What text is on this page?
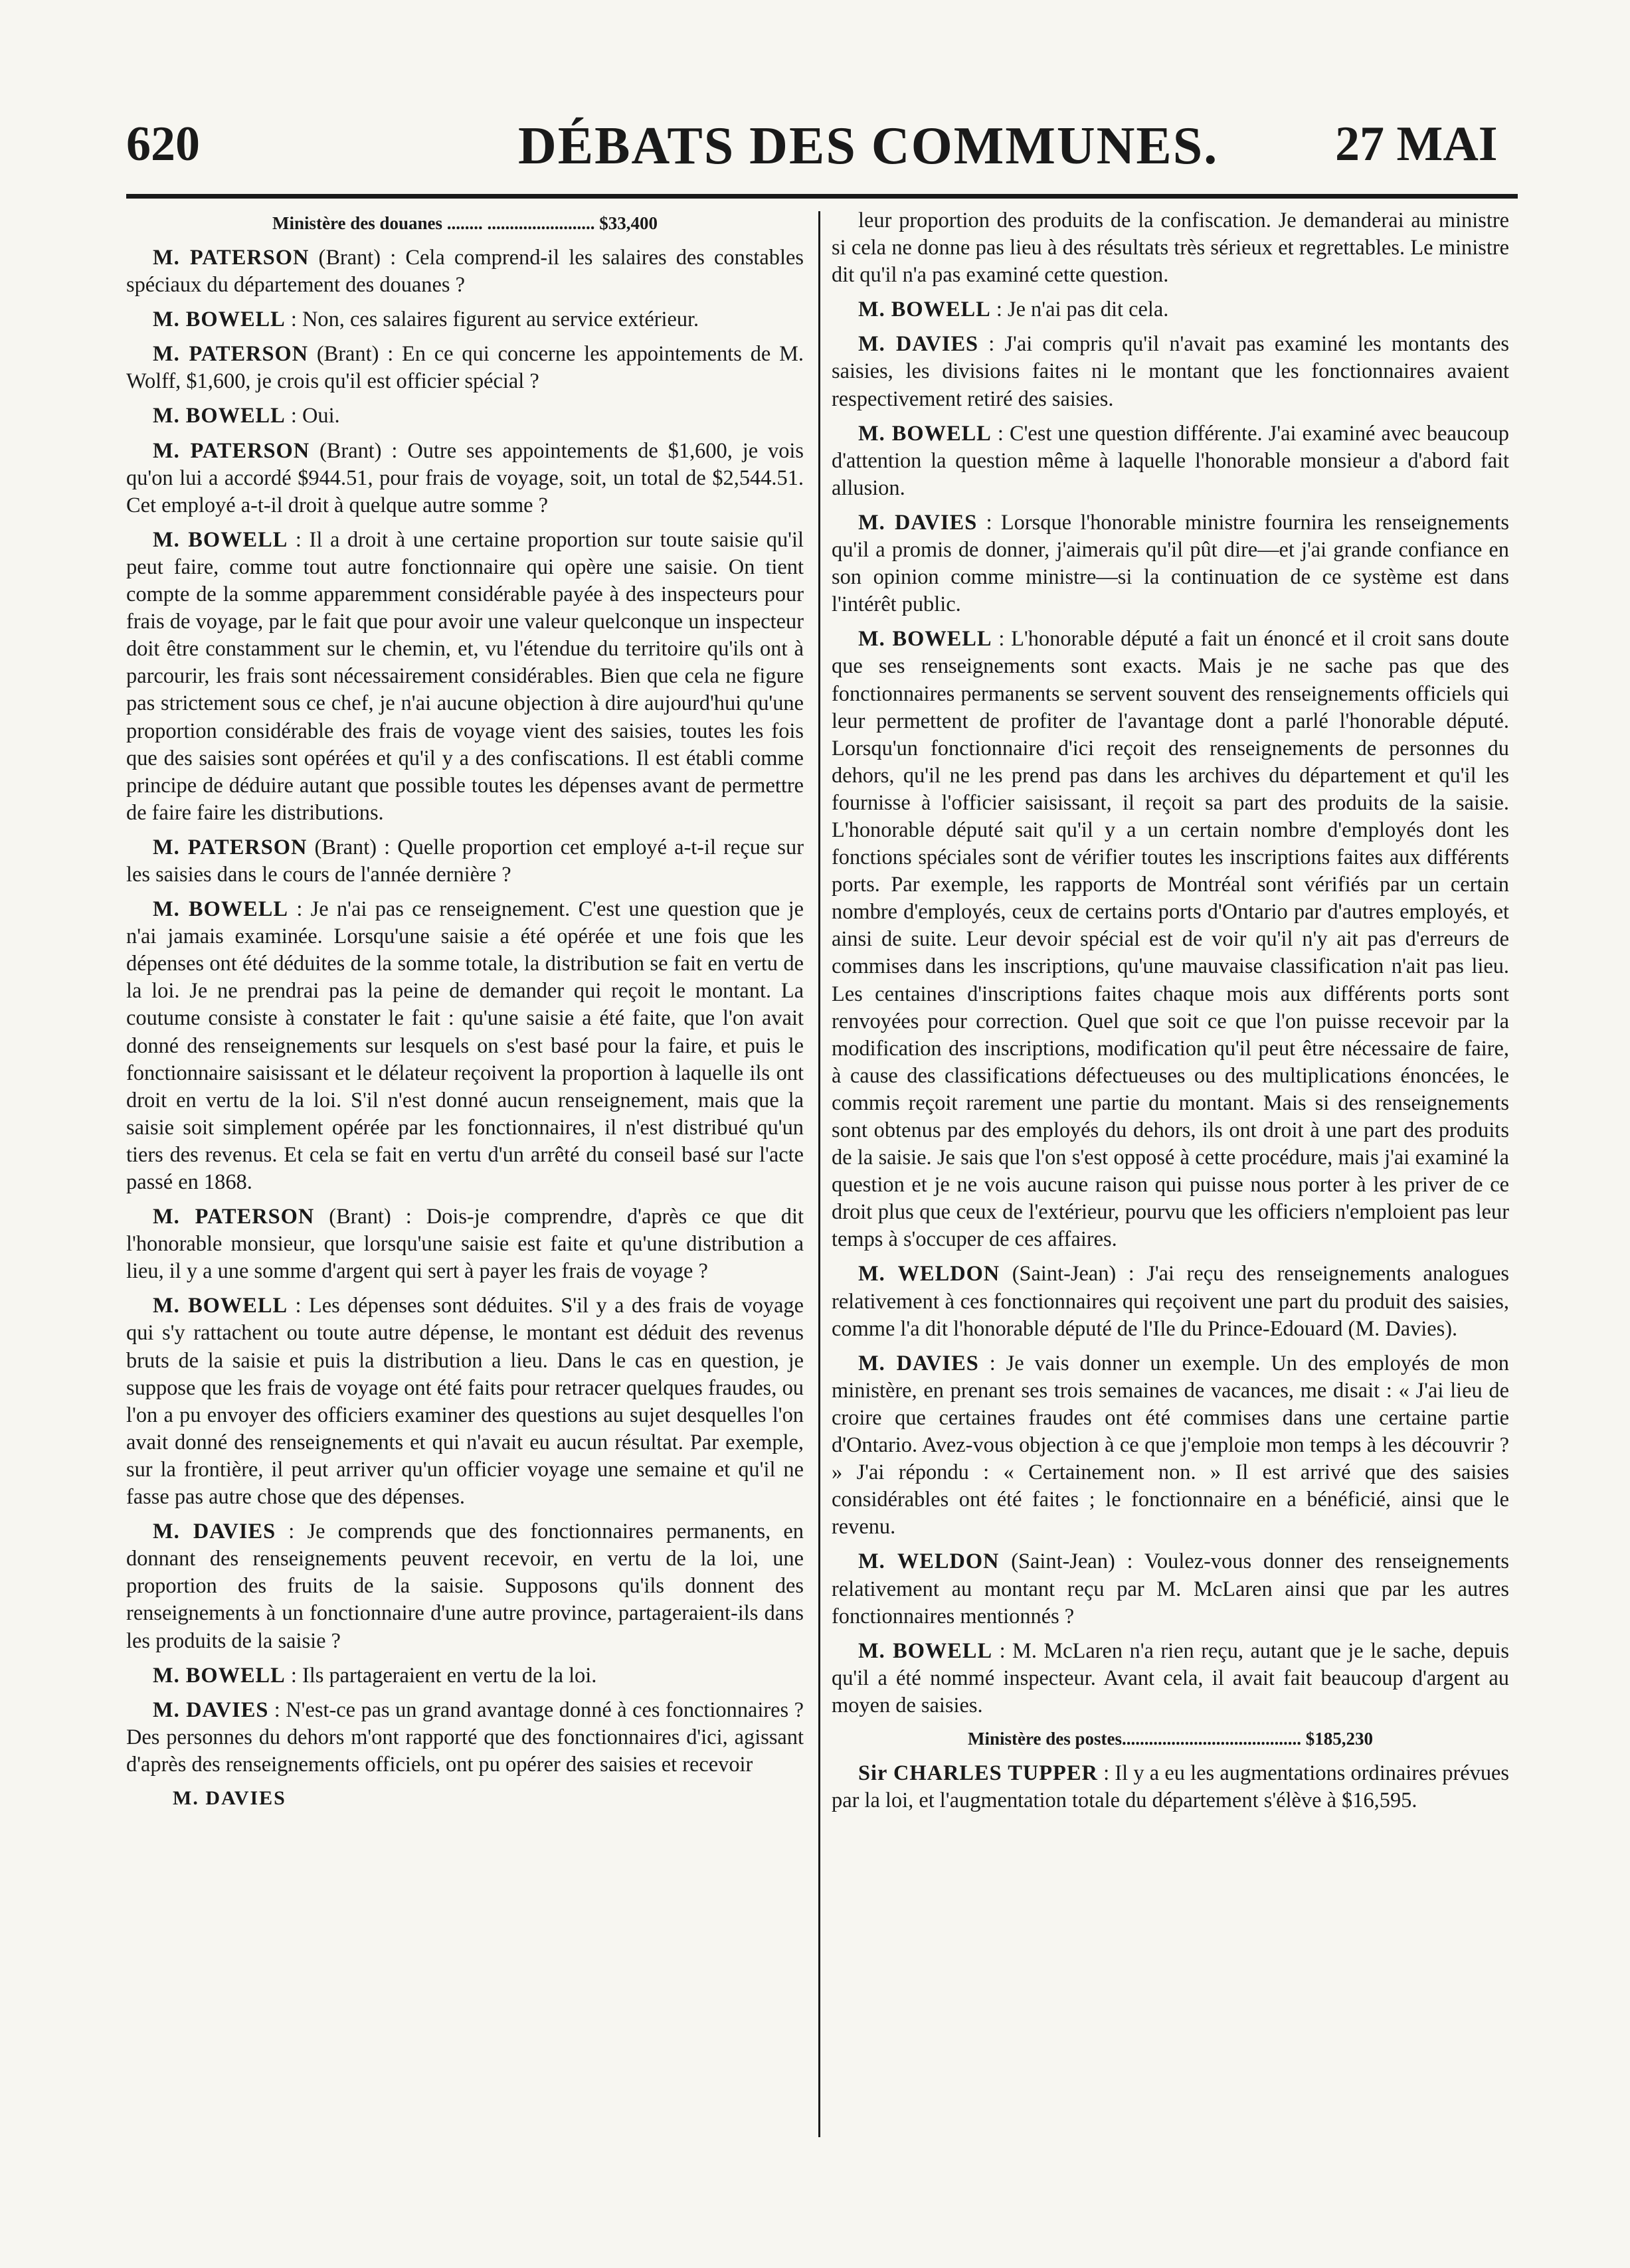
620	DÉBATS DES COMMUNES. 27 MAI
Ministère des douanes ........ ........................ $33,400

M. PATERSON (Brant) : Cela comprend-il les salaires des constables spéciaux du département des douanes ?

M. BOWELL : Non, ces salaires figurent au service extérieur.

M. PATERSON (Brant) : En ce qui concerne les appointements de M. Wolff, $1,600, je crois qu'il est officier spécial ?

M. BOWELL : Oui.

M. PATERSON (Brant) : Outre ses appointements de $1,600, je vois qu'on lui a accordé $944.51, pour frais de voyage, soit, un total de $2,544.51. Cet employé a-t-il droit à quelque autre somme ?

M. BOWELL : Il a droit à une certaine proportion sur toute saisie qu'il peut faire, comme tout autre fonctionnaire qui opère une saisie. On tient compte de la somme apparemment considérable payée à des inspecteurs pour frais de voyage, par le fait que pour avoir une valeur quelconque un inspecteur doit être constamment sur le chemin, et, vu l'étendue du territoire qu'ils ont à parcourir, les frais sont nécessairement considérables. Bien que cela ne figure pas strictement sous ce chef, je n'ai aucune objection à dire aujourd'hui qu'une proportion considérable des frais de voyage vient des saisies, toutes les fois que des saisies sont opérées et qu'il y a des confiscations. Il est établi comme principe de déduire autant que possible toutes les dépenses avant de permettre de faire faire les distributions.

M. PATERSON (Brant) : Quelle proportion cet employé a-t-il reçue sur les saisies dans le cours de l'année dernière ?

M. BOWELL : Je n'ai pas ce renseignement. C'est une question que je n'ai jamais examinée. Lorsqu'une saisie a été opérée et une fois que les dépenses ont été déduites de la somme totale, la distribution se fait en vertu de la loi. Je ne prendrai pas la peine de demander qui reçoit le montant. La coutume consiste à constater le fait : qu'une saisie a été faite, que l'on avait donné des renseignements sur lesquels on s'est basé pour la faire, et puis le fonctionnaire saisissant et le délateur reçoivent la proportion à laquelle ils ont droit en vertu de la loi. S'il n'est donné aucun renseignement, mais que la saisie soit simplement opérée par les fonctionnaires, il n'est distribué qu'un tiers des revenus. Et cela se fait en vertu d'un arrêté du conseil basé sur l'acte passé en 1868.

M. PATERSON (Brant) : Dois-je comprendre, d'après ce que dit l'honorable monsieur, que lorsqu'une saisie est faite et qu'une distribution a lieu, il y a une somme d'argent qui sert à payer les frais de voyage ?

M. BOWELL : Les dépenses sont déduites. S'il y a des frais de voyage qui s'y rattachent ou toute autre dépense, le montant est déduit des revenus bruts de la saisie et puis la distribution a lieu. Dans le cas en question, je suppose que les frais de voyage ont été faits pour retracer quelques fraudes, ou l'on a pu envoyer des officiers examiner des questions au sujet desquelles l'on avait donné des renseignements et qui n'avait eu aucun résultat. Par exemple, sur la frontière, il peut arriver qu'un officier voyage une semaine et qu'il ne fasse pas autre chose que des dépenses.

M. DAVIES : Je comprends que des fonctionnaires permanents, en donnant des renseignements peuvent recevoir, en vertu de la loi, une proportion des fruits de la saisie. Supposons qu'ils donnent des renseignements à un fonctionnaire d'une autre province, partageraient-ils dans les produits de la saisie ?

M. BOWELL : Ils partageraient en vertu de la loi.

M. DAVIES : N'est-ce pas un grand avantage donné à ces fonctionnaires ? Des personnes du dehors m'ont rapporté que des fonctionnaires d'ici, agissant d'après des renseignements officiels, ont pu opérer des saisies et recevoir

M. DAVIES

leur proportion des produits de la confiscation. Je demanderai au ministre si cela ne donne pas lieu à des résultats très sérieux et regrettables. Le ministre dit qu'il n'a pas examiné cette question.

M. BOWELL : Je n'ai pas dit cela.

M. DAVIES : J'ai compris qu'il n'avait pas examiné les montants des saisies, les divisions faites ni le montant que les fonctionnaires avaient respectivement retiré des saisies.

M. BOWELL : C'est une question différente. J'ai examiné avec beaucoup d'attention la question même à laquelle l'honorable monsieur a d'abord fait allusion.

M. DAVIES : Lorsque l'honorable ministre fournira les renseignements qu'il a promis de donner, j'aimerais qu'il pût dire—et j'ai grande confiance en son opinion comme ministre—si la continuation de ce système est dans l'intérêt public.

M. BOWELL : L'honorable député a fait un énoncé et il croit sans doute que ses renseignements sont exacts. Mais je ne sache pas que des fonctionnaires permanents se servent souvent des renseignements officiels qui leur permettent de profiter de l'avantage dont a parlé l'honorable député. Lorsqu'un fonctionnaire d'ici reçoit des renseignements de personnes du dehors, qu'il ne les prend pas dans les archives du département et qu'il les fournisse à l'officier saisissant, il reçoit sa part des produits de la saisie. L'honorable député sait qu'il y a un certain nombre d'employés dont les fonctions spéciales sont de vérifier toutes les inscriptions faites aux différents ports. Par exemple, les rapports de Montréal sont vérifiés par un certain nombre d'employés, ceux de certains ports d'Ontario par d'autres employés, et ainsi de suite. Leur devoir spécial est de voir qu'il n'y ait pas d'erreurs de commises dans les inscriptions, qu'une mauvaise classification n'ait pas lieu. Les centaines d'inscriptions faites chaque mois aux différents ports sont renvoyées pour correction. Quel que soit ce que l'on puisse recevoir par la modification des inscriptions, modification qu'il peut être nécessaire de faire, à cause des classifications défectueuses ou des multiplications énoncées, le commis reçoit rarement une partie du montant. Mais si des renseignements sont obtenus par des employés du dehors, ils ont droit à une part des produits de la saisie. Je sais que l'on s'est opposé à cette procédure, mais j'ai examiné la question et je ne vois aucune raison qui puisse nous porter à les priver de ce droit plus que ceux de l'extérieur, pourvu que les officiers n'emploient pas leur temps à s'occuper de ces affaires.

M. WELDON (Saint-Jean) : J'ai reçu des renseignements analogues relativement à ces fonctionnaires qui reçoivent une part du produit des saisies, comme l'a dit l'honorable député de l'Ile du Prince-Edouard (M. Davies).

M. DAVIES : Je vais donner un exemple. Un des employés de mon ministère, en prenant ses trois semaines de vacances, me disait : « J'ai lieu de croire que certaines fraudes ont été commises dans une certaine partie d'Ontario. Avez-vous objection à ce que j'emploie mon temps à les découvrir ? » J'ai répondu : « Certainement non. » Il est arrivé que des saisies considérables ont été faites ; le fonctionnaire en a bénéficié, ainsi que le revenu.

M. WELDON (Saint-Jean) : Voulez-vous donner des renseignements relativement au montant reçu par M. McLaren ainsi que par les autres fonctionnaires mentionnés ?

M. BOWELL : M. McLaren n'a rien reçu, autant que je le sache, depuis qu'il a été nommé inspecteur. Avant cela, il avait fait beaucoup d'argent au moyen de saisies.

Ministère des postes........................................ $185,230

Sir CHARLES TUPPER : Il y a eu les augmentations ordinaires prévues par la loi, et l'augmentation totale du département s'élève à $16,595.
